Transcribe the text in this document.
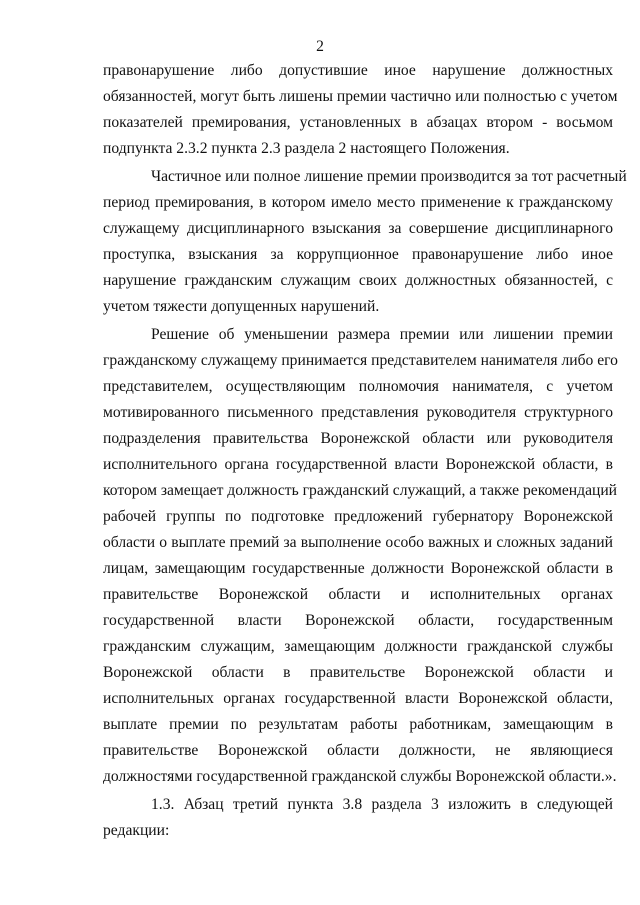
2
правонарушение либо допустившие иное нарушение должностных
обязанностей, могут быть лишены премии частично или полностью с учетом
показателей премирования, установленных в абзацах втором - восьмом
подпункта 2.3.2 пункта 2.3 раздела 2 настоящего Положения.
Частичное или полное лишение премии производится за тот расчетный
период премирования, в котором имело место применение к гражданскому
служащему дисциплинарного взыскания за совершение дисциплинарного
проступка, взыскания за коррупционное правонарушение либо иное
нарушение гражданским служащим своих должностных обязанностей, с
учетом тяжести допущенных нарушений.
Решение об уменьшении размера премии или лишении премии
гражданскому служащему принимается представителем нанимателя либо его
представителем, осуществляющим полномочия нанимателя, с учетом
мотивированного письменного представления руководителя структурного
подразделения правительства Воронежской области или руководителя
исполнительного органа государственной власти Воронежской области, в
котором замещает должность гражданский служащий, а также рекомендаций
рабочей группы по подготовке предложений губернатору Воронежской
области о выплате премий за выполнение особо важных и сложных заданий
лицам, замещающим государственные должности Воронежской области в
правительстве Воронежской области и исполнительных органах
государственной власти Воронежской области, государственным
гражданским служащим, замещающим должности гражданской службы
Воронежской области в правительстве Воронежской области и
исполнительных органах государственной власти Воронежской области,
выплате премии по результатам работы работникам, замещающим в
правительстве Воронежской области должности, не являющиеся
должностями государственной гражданской службы Воронежской области.».
1.3. Абзац третий пункта 3.8 раздела 3 изложить в следующей
редакции:
